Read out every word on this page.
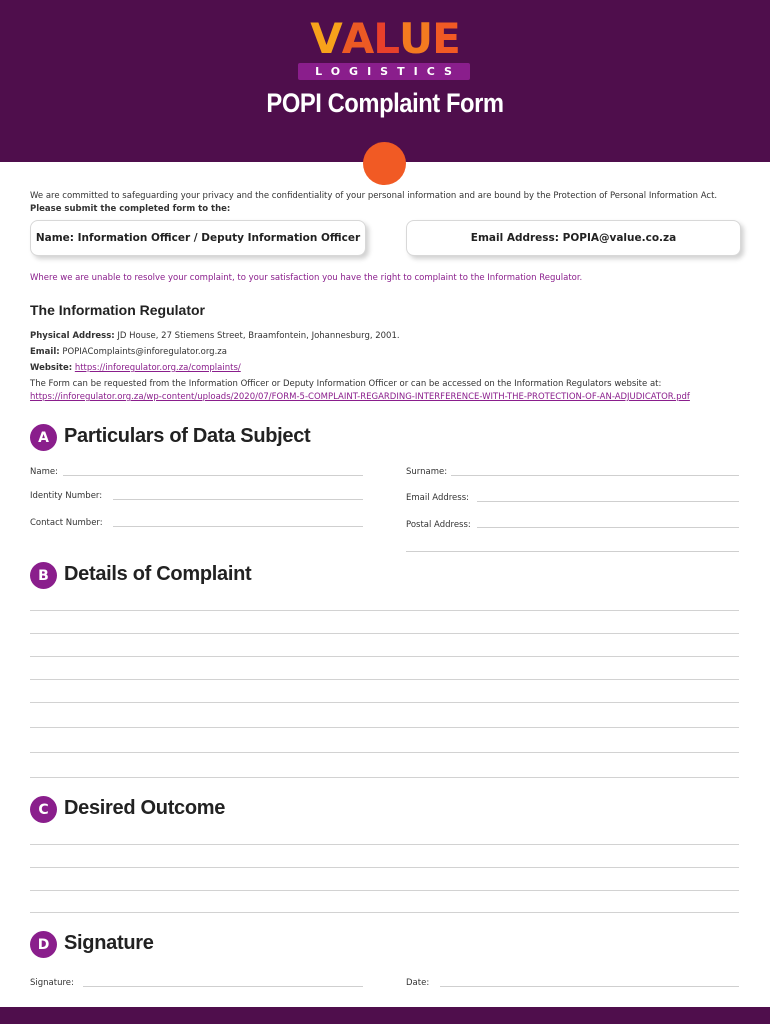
V A L U E
LOGISTICS
POPI Complaint Form
We are committed to safeguarding your privacy and the confidentiality of your personal information and are bound by the Protection of Personal Information Act.
Please submit the completed form to the:
Name: Information Officer / Deputy Information Officer	Email Address: POPIA@value.co.za
Where we are unable to resolve your complaint, to your satisfaction you have the right to complaint to the Information Regulator.
The Information Regulator
Physical Address: JD House, 27 Stiemens Street, Braamfontein, Johannesburg, 2001.
Email: POPIAComplaints@inforegulator.org.za
Website: https://inforegulator.org.za/complaints/
The Form can be requested from the Information Officer or Deputy Information Officer or can be accessed on the Information Regulators website at:
https://inforegulator.org.za/wp-content/uploads/2020/07/FORM-5-COMPLAINT-REGARDING-INTERFERENCE-WITH-THE-PROTECTION-OF-AN-ADJUDICATOR.pdf
A Particulars of Data Subject
Name:	Surname:
Identity Number:	Email Address:
Contact Number:	Postal Address:
B Details of Complaint
C Desired Outcome
D Signature
Signature:	Date:
